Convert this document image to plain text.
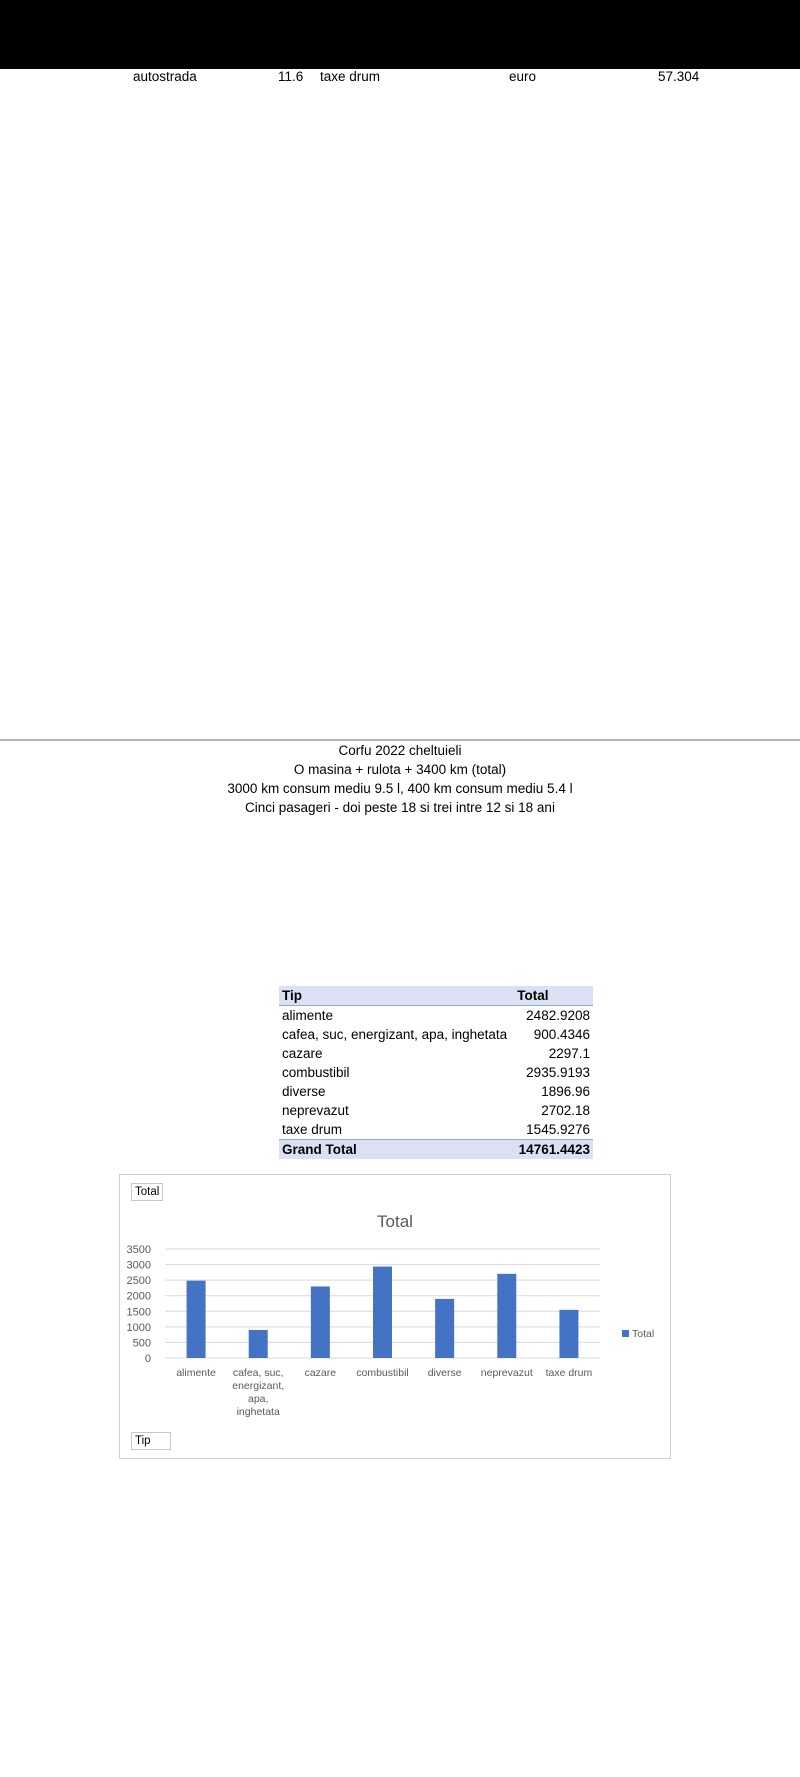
autostrada	11.6 taxe drum	euro	57.304
Corfu 2022 cheltuieli
O masina + rulota + 3400 km (total)
3000 km consum mediu 9.5 l, 400 km consum mediu 5.4 l
Cinci pasageri - doi peste 18 si trei intre 12 si 18 ani
Tip	Total
alimente	2482.9208
cafea, suc, energizant, apa, inghetata	900.4346
cazare	2297.1
combustibil	2935.9193
diverse	1896.96
neprevazut	2702.18
taxe drum	1545.9276
Grand Total	14761.4423
Total
Total
0
500
1000
1500
2000
2500
3000
3500
alimente cafea, suc,
energizant,
apa,
inghetata
cazare combustibil diverse neprevazut taxe drum
Total
Tip
